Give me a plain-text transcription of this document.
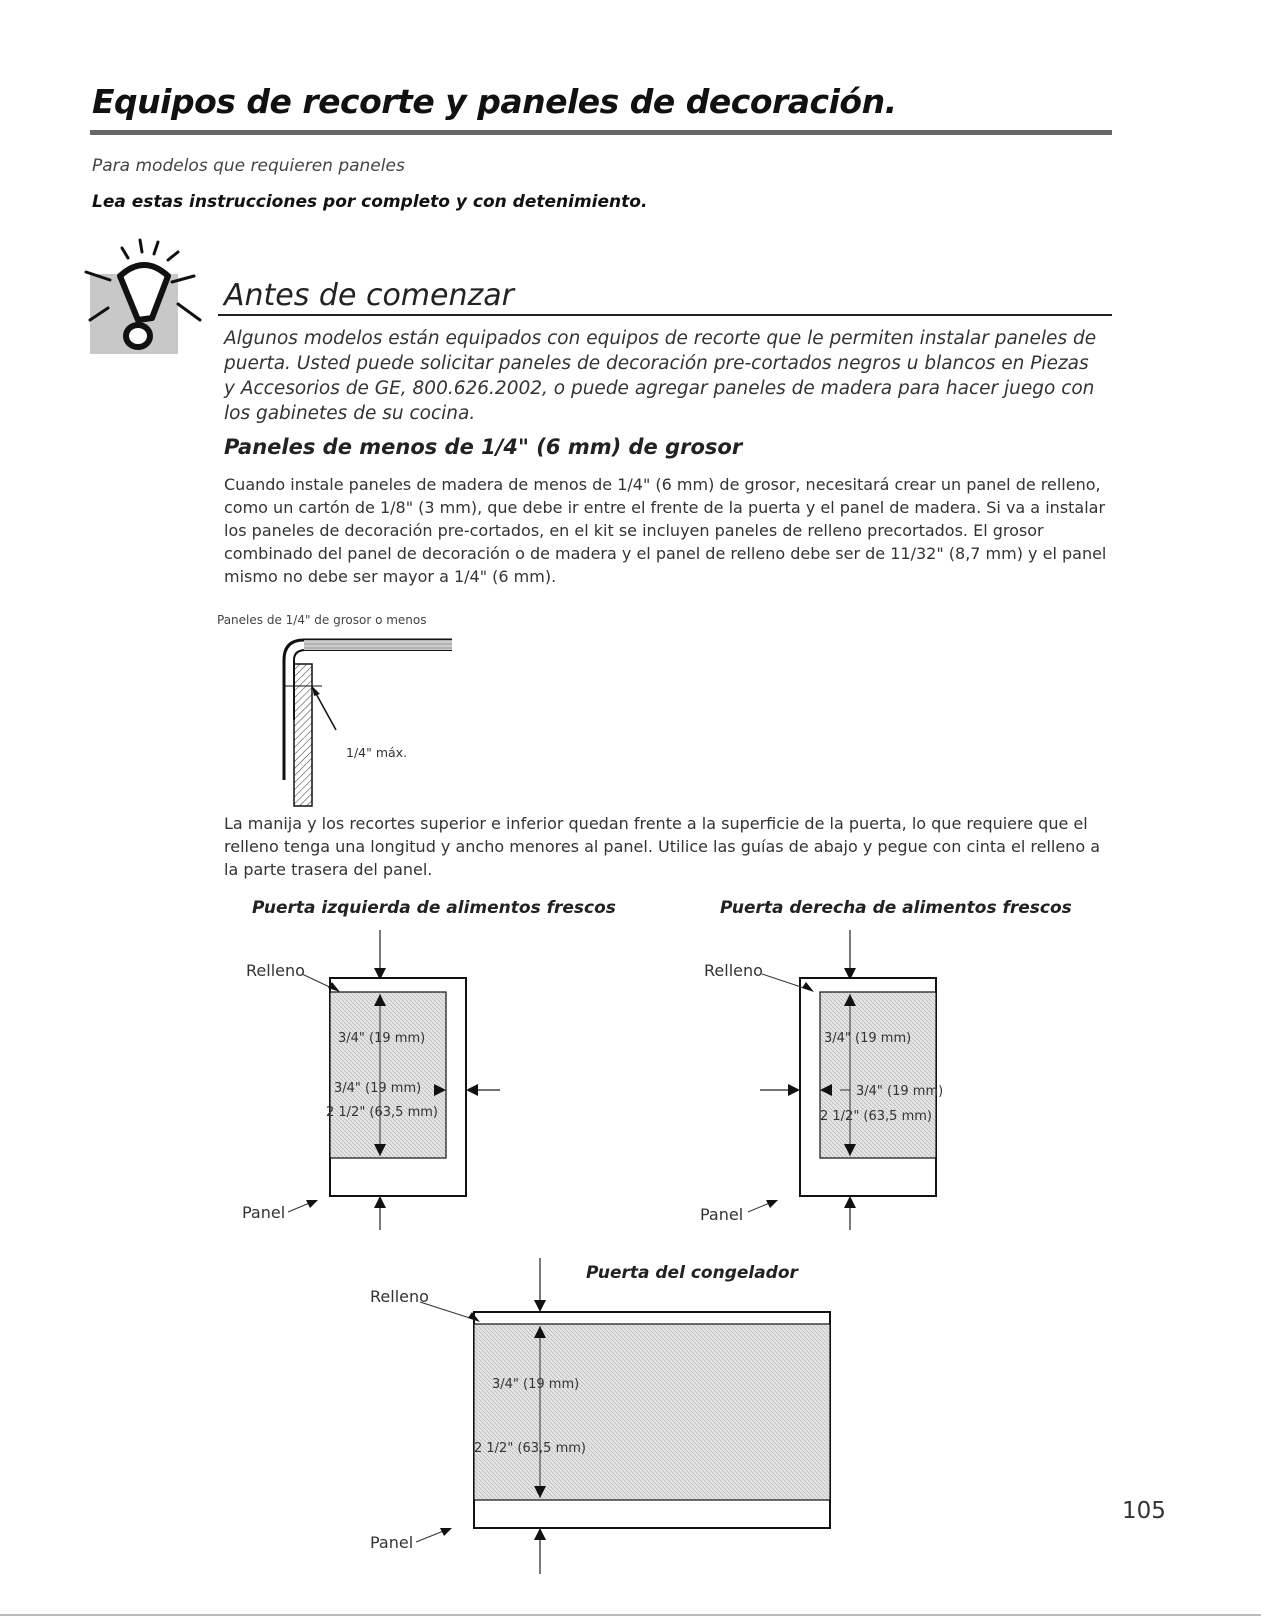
Equipos de recorte y paneles de decoración.
Para modelos que requieren paneles
Lea estas instrucciones por completo y con detenimiento.
Antes de comenzar
Algunos modelos están equipados con equipos de recorte que le permiten instalar paneles de puerta. Usted puede solicitar paneles de decoración pre-cortados negros u blancos en Piezas y Accesorios de GE, 800.626.2002, o puede agregar paneles de madera para hacer juego con los gabinetes de su cocina.
Paneles de menos de 1/4" (6 mm) de grosor
Cuando instale paneles de madera de menos de 1/4" (6 mm) de grosor, necesitará crear un panel de relleno, como un cartón de 1/8" (3 mm), que debe ir entre el frente de la puerta y el panel de madera. Si va a instalar los paneles de decoración pre-cortados, en el kit se incluyen paneles de relleno precortados. El grosor combinado del panel de decoración o de madera y el panel de relleno debe ser de 11/32" (8,7 mm) y el panel mismo no debe ser mayor a 1/4" (6 mm).
Paneles de 1/4" de grosor o menos
1/4" máx.
La manija y los recortes superior e inferior quedan frente a la superficie de la puerta, lo que requiere que el relleno tenga una longitud y ancho menores al panel. Utilice las guías de abajo y pegue con cinta el relleno a la parte trasera del panel.
Puerta izquierda de alimentos frescos	Puerta derecha de alimentos frescos
Relleno
Panel
3/4" (19 mm)
3/4" (19 mm)
2 1/2" (63,5 mm)
Relleno
Panel
3/4" (19 mm)
3/4" (19 mm)
2 1/2" (63,5 mm)
Puerta del congelador
Relleno
Panel
3/4" (19 mm)
2 1/2" (63,5 mm)
105
